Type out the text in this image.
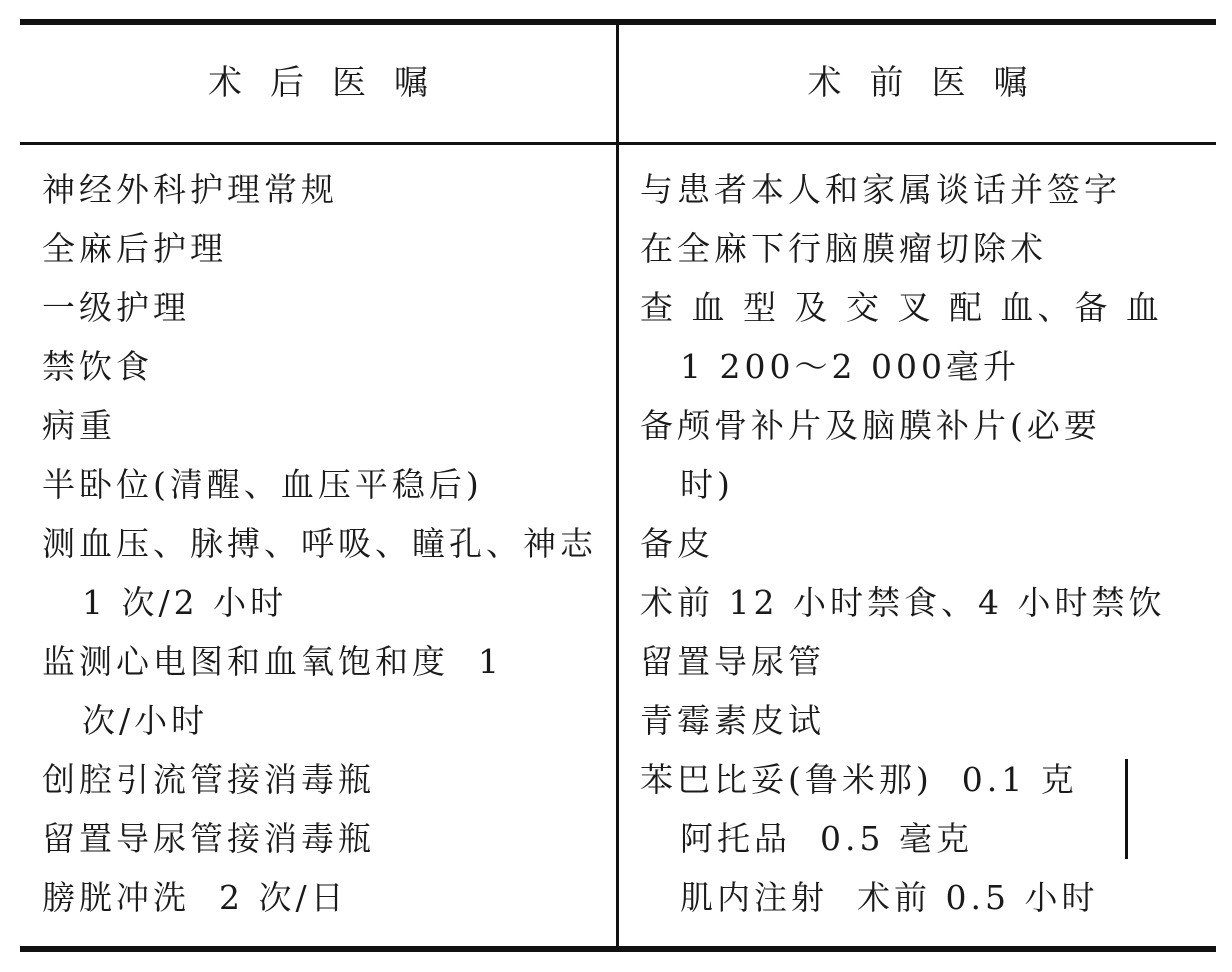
术后医嘱	术前医嘱
神经外科护理常规
全麻后护理
一级护理
禁饮食
病重
半卧位(清醒、血压平稳后)
测血压、脉搏、呼吸、瞳孔、神志
1 次/2 小时
监测心电图和血氧饱和度  1
次/小时
创腔引流管接消毒瓶
留置导尿管接消毒瓶
膀胱冲洗  2 次/日
与患者本人和家属谈话并签字
在全麻下行脑膜瘤切除术
查 血 型 及 交 叉 配 血、备 血
1 200～2 000毫升
备颅骨补片及脑膜补片(必要
时)
备皮
术前 12 小时禁食、4 小时禁饮
留置导尿管
青霉素皮试
苯巴比妥(鲁米那)  0.1 克
阿托品  0.5 毫克
肌内注射  术前 0.5 小时
